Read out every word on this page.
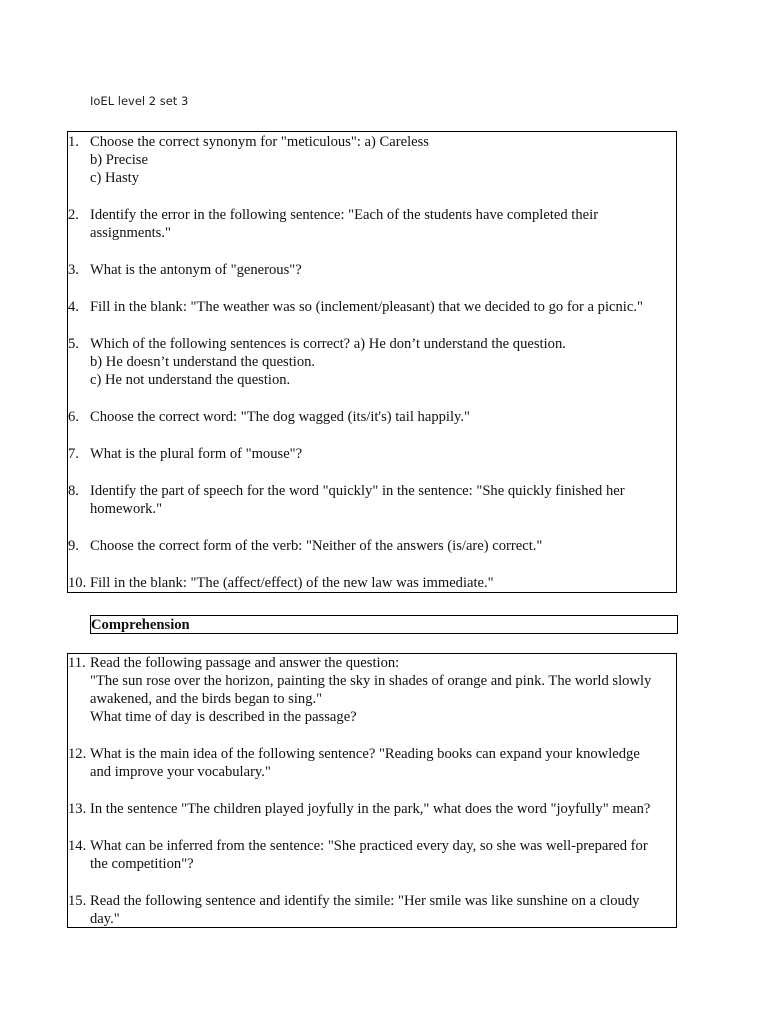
IoEL level 2 set 3
1. Choose the correct synonym for "meticulous": a) Careless
b) Precise
c) Hasty
2. Identify the error in the following sentence: "Each of the students have completed their
assignments."
3. What is the antonym of "generous"?
4. Fill in the blank: "The weather was so (inclement/pleasant) that we decided to go for a picnic."
5. Which of the following sentences is correct? a) He don’t understand the question.
b) He doesn’t understand the question.
c) He not understand the question.
6. Choose the correct word: "The dog wagged (its/it's) tail happily."
7. What is the plural form of "mouse"?
8. Identify the part of speech for the word "quickly" in the sentence: "She quickly finished her
homework."
9. Choose the correct form of the verb: "Neither of the answers (is/are) correct."
10. Fill in the blank: "The (affect/effect) of the new law was immediate."
Comprehension
11. Read the following passage and answer the question:
"The sun rose over the horizon, painting the sky in shades of orange and pink. The world slowly
awakened, and the birds began to sing."
What time of day is described in the passage?
12. What is the main idea of the following sentence? "Reading books can expand your knowledge
and improve your vocabulary."
13. In the sentence "The children played joyfully in the park," what does the word "joyfully" mean?
14. What can be inferred from the sentence: "She practiced every day, so she was well-prepared for
the competition"?
15. Read the following sentence and identify the simile: "Her smile was like sunshine on a cloudy
day."
